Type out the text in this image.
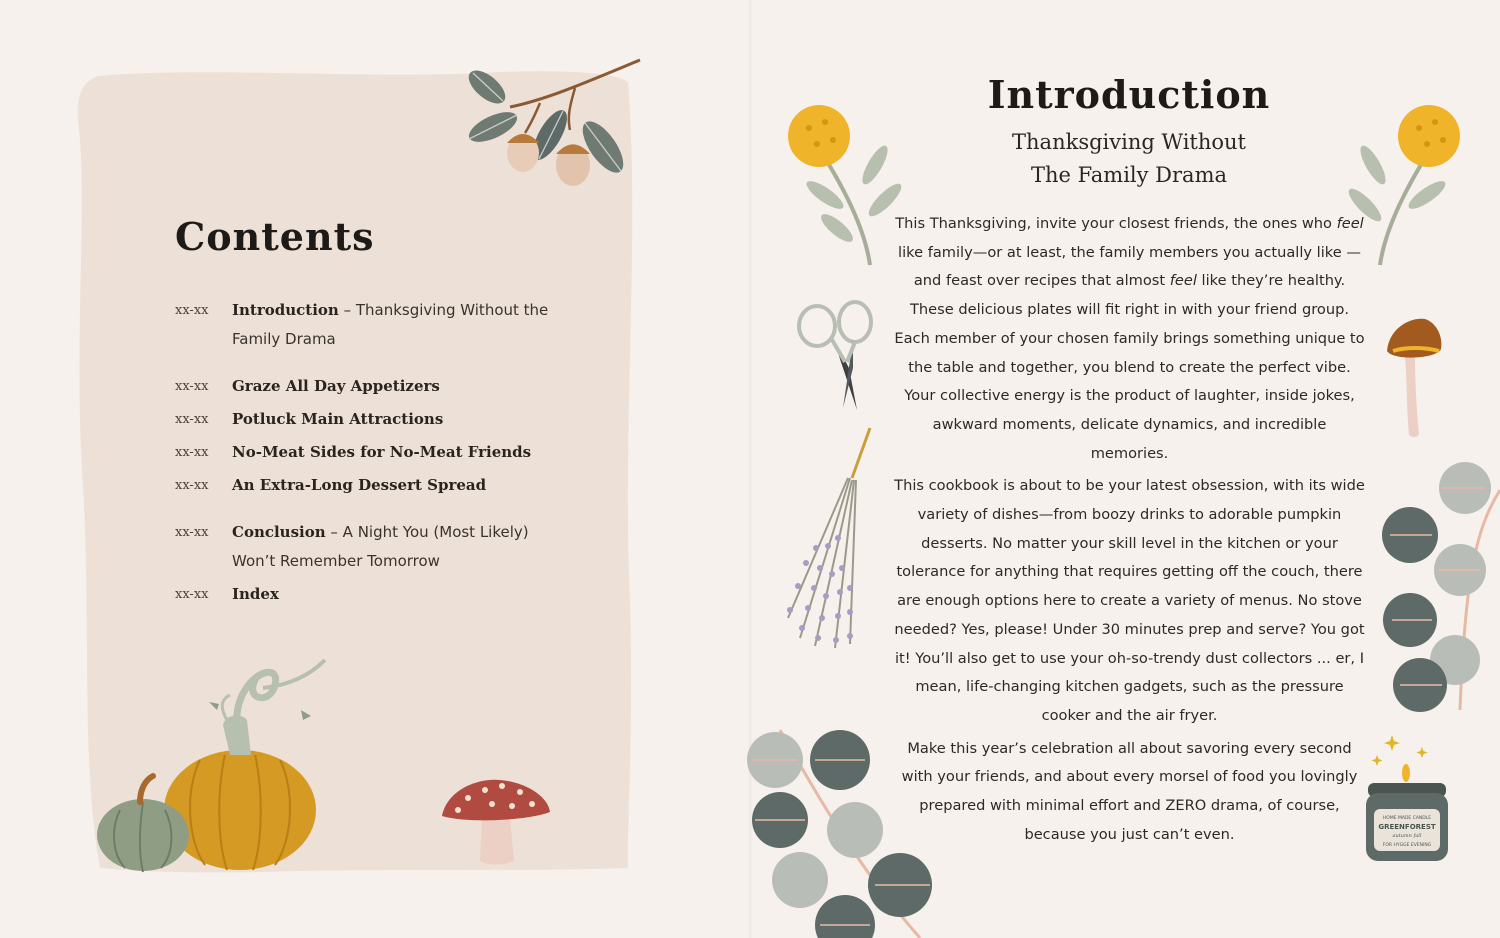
Contents
xx-xx	Introduction – Thanksgiving Without the
Family Drama
xx-xx	Graze All Day Appetizers
xx-xx	Potluck Main Attractions
xx-xx	No-Meat Sides for No-Meat Friends
xx-xx	An Extra-Long Dessert Spread
xx-xx	Conclusion – A Night You (Most Likely)
Won’t Remember Tomorrow
xx-xx	Index
Introduction
Thanksgiving Without
The Family Drama

This Thanksgiving, invite your closest friends, the ones who feel like family—or at least, the family members you actually like —and feast over recipes that almost feel like they’re healthy. These delicious plates will fit right in with your friend group. Each member of your chosen family brings something unique to the table and together, you blend to create the perfect vibe. Your collective energy is the product of laughter, inside jokes, awkward moments, delicate dynamics, and incredible memories.

This cookbook is about to be your latest obsession, with its wide variety of dishes—from boozy drinks to adorable pumpkin desserts. No matter your skill level in the kitchen or your tolerance for anything that requires getting off the couch, there are enough options here to create a variety of menus. No stove needed? Yes, please! Under 30 minutes prep and serve? You got it! You’ll also get to use your oh-so-trendy dust collectors ... er, I mean, life-changing kitchen gadgets, such as the pressure cooker and the air fryer.

Make this year’s celebration all about savoring every second with your friends, and about every morsel of food you lovingly prepared with minimal effort and ZERO drama, of course, because you just can’t even.

HOME MADE CANDLE
GREENFOREST
autumn fall
FOR HYGGE EVENING
